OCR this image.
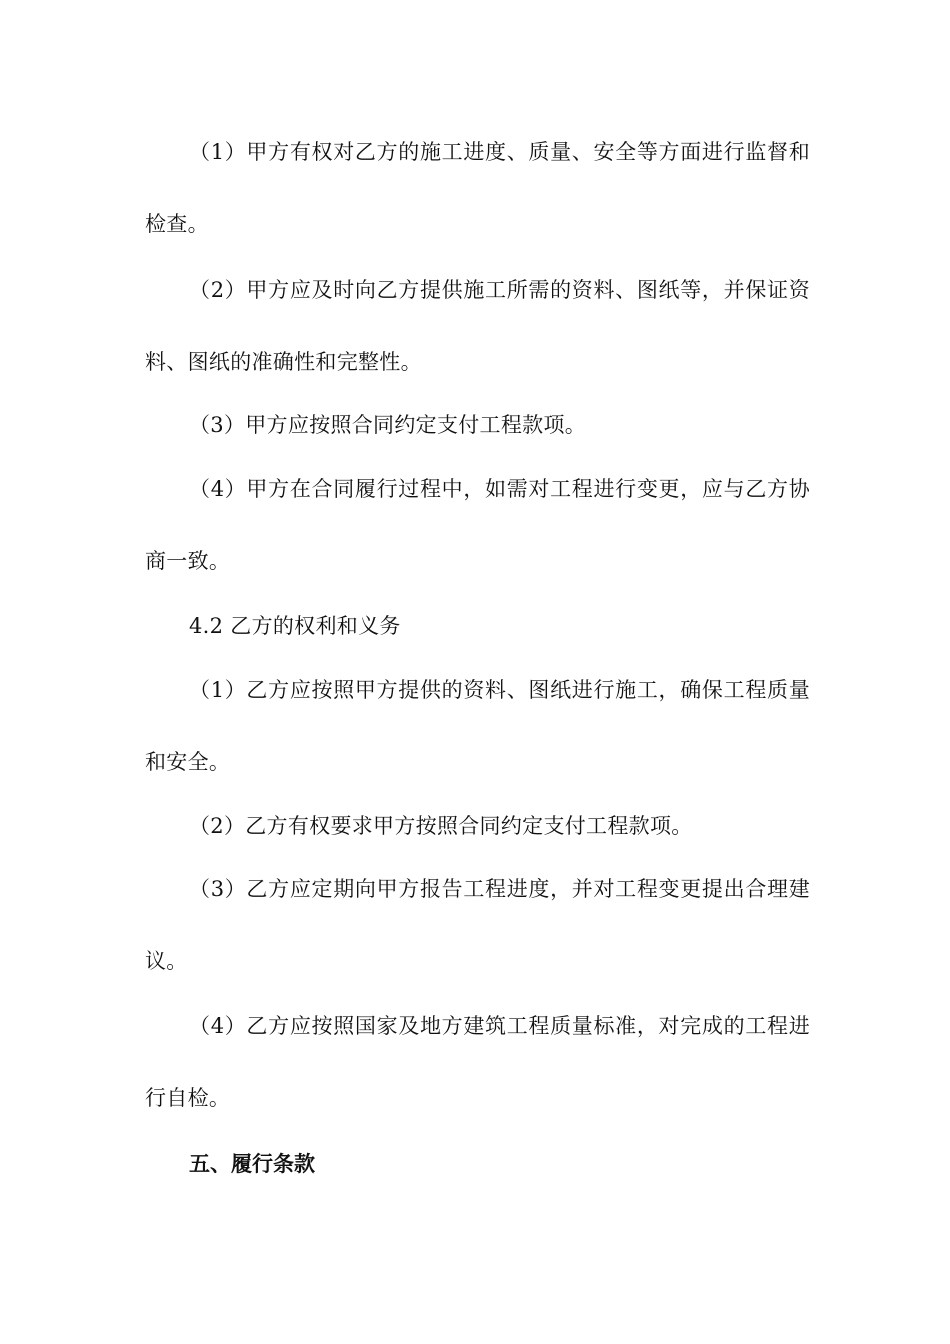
（1）甲方有权对乙方的施工进度、质量、安全等方面进行监督和检查。

（2）甲方应及时向乙方提供施工所需的资料、图纸等，并保证资料、图纸的准确性和完整性。

（3）甲方应按照合同约定支付工程款项。

（4）甲方在合同履行过程中，如需对工程进行变更，应与乙方协商一致。

4.2 乙方的权利和义务

（1）乙方应按照甲方提供的资料、图纸进行施工，确保工程质量和安全。

（2）乙方有权要求甲方按照合同约定支付工程款项。

（3）乙方应定期向甲方报告工程进度，并对工程变更提出合理建议。

（4）乙方应按照国家及地方建筑工程质量标准，对完成的工程进行自检。

五、履行条款
